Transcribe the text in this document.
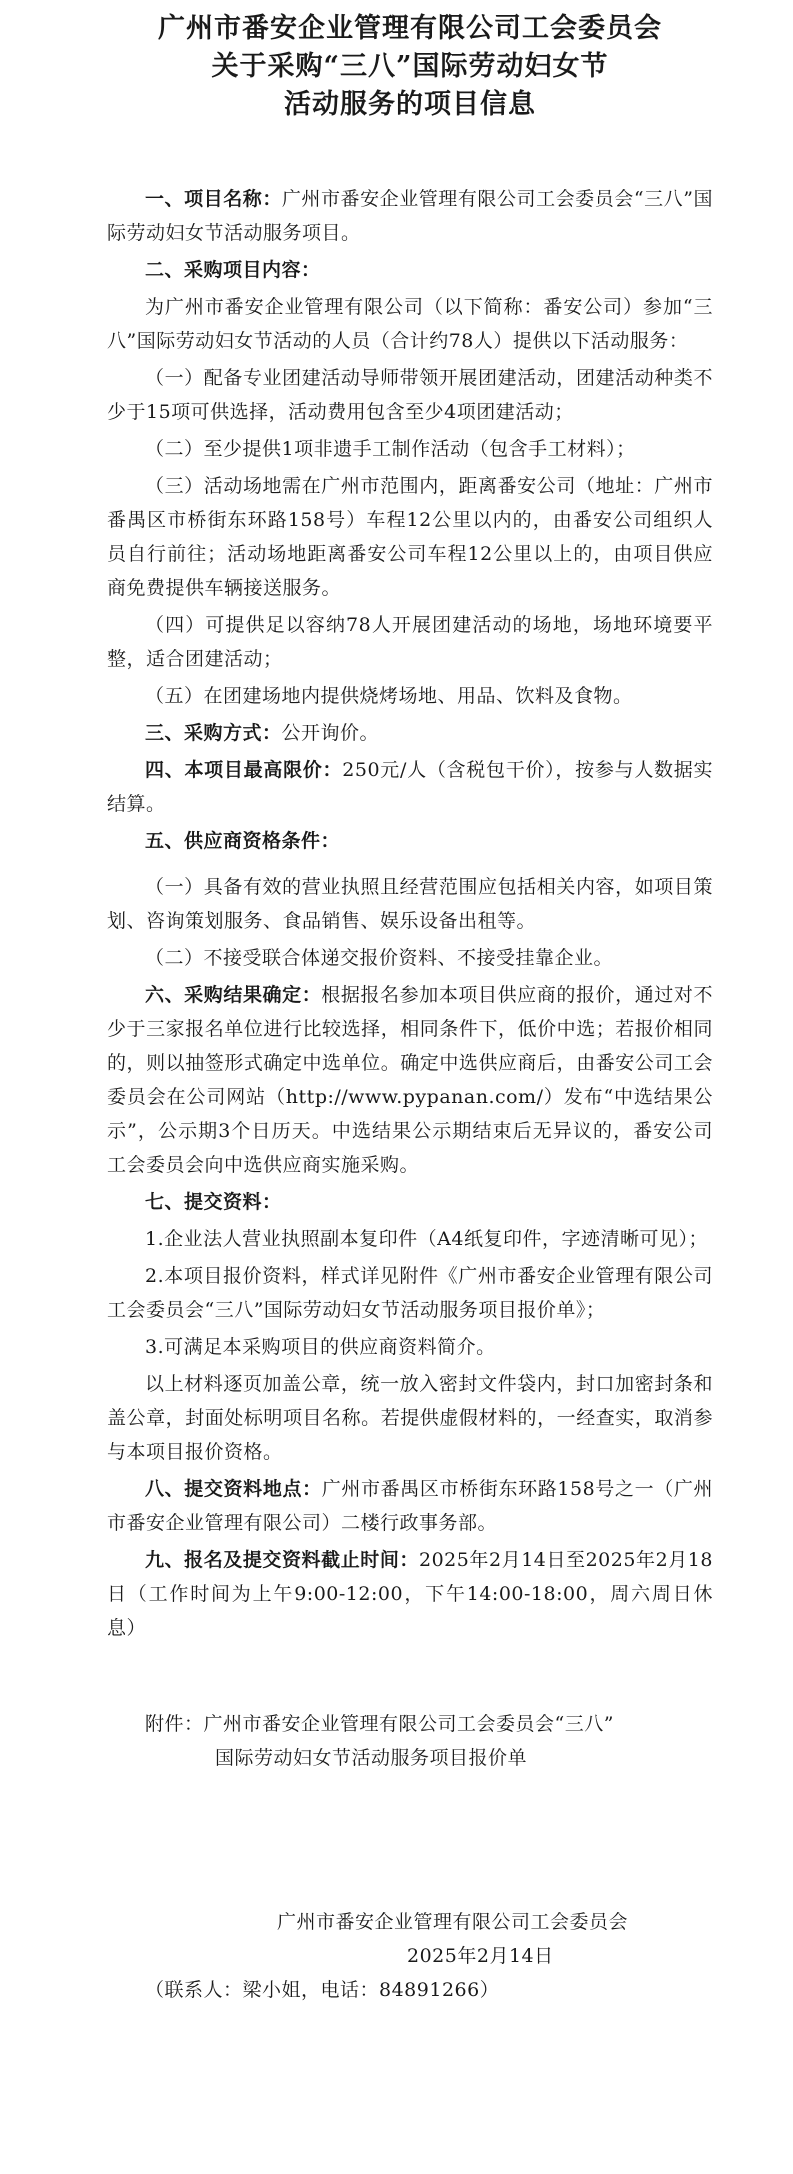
广州市番安企业管理有限公司工会委员会
关于采购“三八”国际劳动妇女节
活动服务的项目信息

一、项目名称：广州市番安企业管理有限公司工会委员会“三八”国际劳动妇女节活动服务项目。

二、采购项目内容：

为广州市番安企业管理有限公司（以下简称：番安公司）参加“三八”国际劳动妇女节活动的人员（合计约78人）提供以下活动服务：

（一）配备专业团建活动导师带领开展团建活动，团建活动种类不少于15项可供选择，活动费用包含至少4项团建活动；

（二）至少提供1项非遗手工制作活动（包含手工材料）；

（三）活动场地需在广州市范围内，距离番安公司（地址：广州市番禺区市桥街东环路158号）车程12公里以内的，由番安公司组织人员自行前往；活动场地距离番安公司车程12公里以上的，由项目供应商免费提供车辆接送服务。

（四）可提供足以容纳78人开展团建活动的场地，场地环境要平整，适合团建活动；

（五）在团建场地内提供烧烤场地、用品、饮料及食物。

三、采购方式：公开询价。

四、本项目最高限价：250元/人（含税包干价），按参与人数据实结算。

五、供应商资格条件：

（一）具备有效的营业执照且经营范围应包括相关内容，如项目策划、咨询策划服务、食品销售、娱乐设备出租等。

（二）不接受联合体递交报价资料、不接受挂靠企业。

六、采购结果确定：根据报名参加本项目供应商的报价，通过对不少于三家报名单位进行比较选择，相同条件下，低价中选；若报价相同的，则以抽签形式确定中选单位。确定中选供应商后，由番安公司工会委员会在公司网站（http://www.pypanan.com/）发布“中选结果公示”，公示期3个日历天。中选结果公示期结束后无异议的，番安公司工会委员会向中选供应商实施采购。

七、提交资料：

1.企业法人营业执照副本复印件（A4纸复印件，字迹清晰可见）；

2.本项目报价资料，样式详见附件《广州市番安企业管理有限公司工会委员会“三八”国际劳动妇女节活动服务项目报价单》；

3.可满足本采购项目的供应商资料简介。

以上材料逐页加盖公章，统一放入密封文件袋内，封口加密封条和盖公章，封面处标明项目名称。若提供虚假材料的，一经查实，取消参与本项目报价资格。

八、提交资料地点：广州市番禺区市桥街东环路158号之一（广州市番安企业管理有限公司）二楼行政事务部。

九、报名及提交资料截止时间：2025年2月14日至2025年2月18日（工作时间为上午9:00-12:00，下午14:00-18:00，周六周日休息）

附件：广州市番安企业管理有限公司工会委员会“三八”
国际劳动妇女节活动服务项目报价单
广州市番安企业管理有限公司工会委员会
2025年2月14日
（联系人：梁小姐，电话：84891266）
